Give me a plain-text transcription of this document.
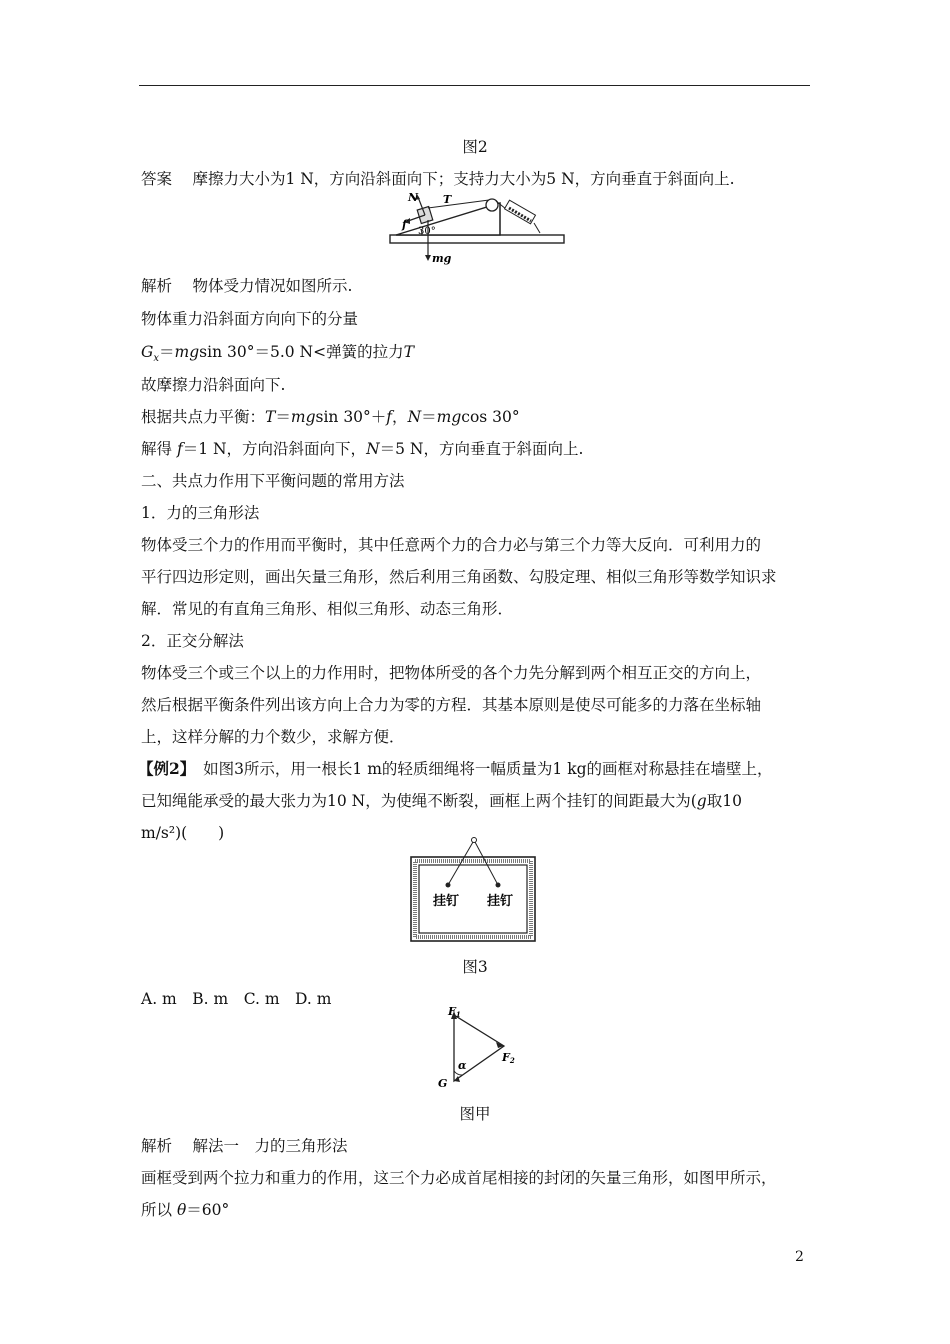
图2
答案　 摩擦力大小为1 N，方向沿斜面向下；支持力大小为5 N，方向垂直于斜面向上.
N T
f
30°
mg
解析　 物体受力情况如图所示.
物体重力沿斜面方向向下的分量
$G_x=mgsin$ 30°＝5.0 N<弹簧的拉力T
故摩擦力沿斜面向下.
根据共点力平衡：T＝mgsin 30°＋f，N＝mgcos 30°
解得 f＝1 N，方向沿斜面向下，N＝5 N，方向垂直于斜面向上.
二、共点力作用下平衡问题的常用方法
1．力的三角形法
物体受三个力的作用而平衡时，其中任意两个力的合力必与第三个力等大反向．可利用力的
平行四边形定则，画出矢量三角形，然后利用三角函数、勾股定理、相似三角形等数学知识求
解．常见的有直角三角形、相似三角形、动态三角形．
2．正交分解法
物体受三个或三个以上的力作用时，把物体所受的各个力先分解到两个相互正交的方向上，
然后根据平衡条件列出该方向上合力为零的方程．其基本原则是使尽可能多的力落在坐标轴
上，这样分解的力个数少，求解方便．
【例2】　 如图3所示，用一根长1 m的轻质细绳将一幅质量为1 kg的画框对称悬挂在墙壁上，
已知绳能承受的最大张力为10 N，为使绳不断裂，画框上两个挂钉的间距最大为(g取10
m/s²)(　　)
挂钉 挂钉
图3
A. m　B. m　C. m　D. m
F1
F2
G
α
图甲
解析　 解法一　力的三角形法
画框受到两个拉力和重力的作用，这三个力必成首尾相接的封闭的矢量三角形，如图甲所示，
所以 θ＝60°
2
